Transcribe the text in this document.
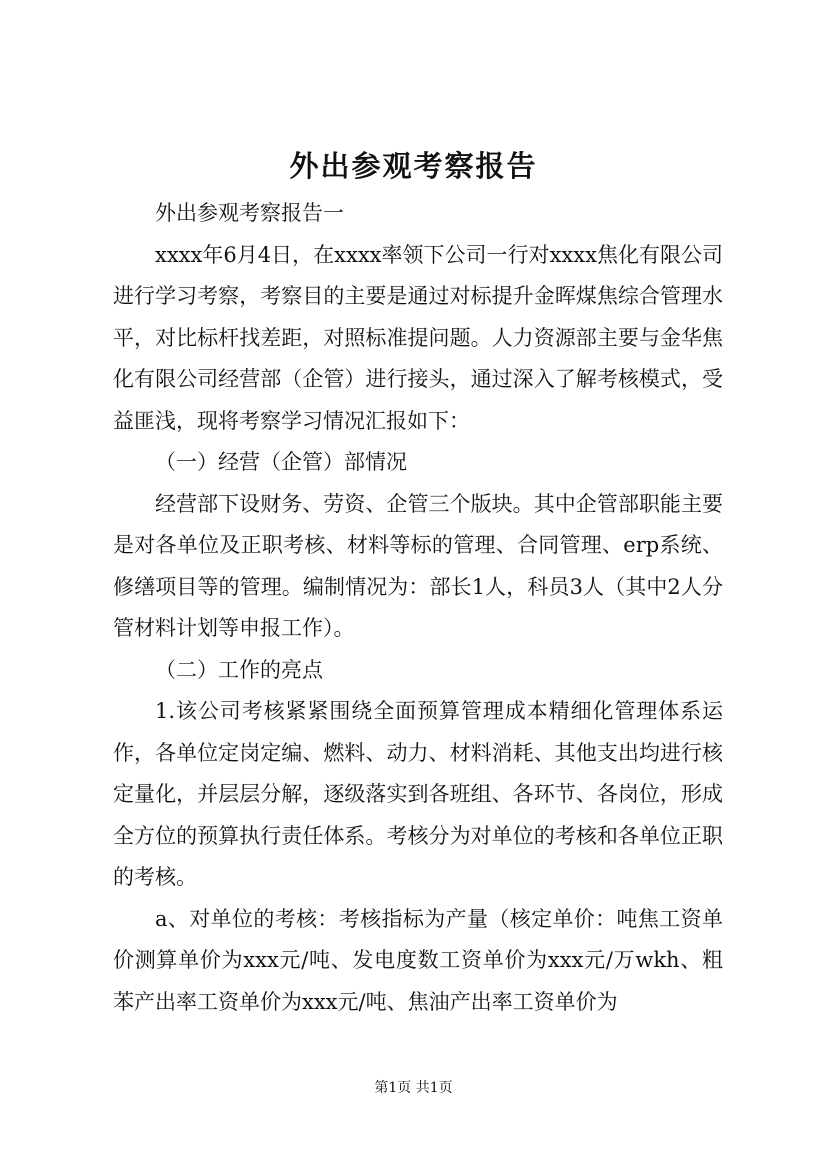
外出参观考察报告

外出参观考察报告一

xxxx年6月4日，在xxxx率领下公司一行对xxxx焦化有限公司进行学习考察，考察目的主要是通过对标提升金晖煤焦综合管理水平，对比标杆找差距，对照标准提问题。人力资源部主要与金华焦化有限公司经营部（企管）进行接头，通过深入了解考核模式，受益匪浅，现将考察学习情况汇报如下：

（一）经营（企管）部情况

经营部下设财务、劳资、企管三个版块。其中企管部职能主要是对各单位及正职考核、材料等标的管理、合同管理、erp系统、修缮项目等的管理。编制情况为：部长1人，科员3人（其中2人分管材料计划等申报工作）。

（二）工作的亮点

1.该公司考核紧紧围绕全面预算管理成本精细化管理体系运作，各单位定岗定编、燃料、动力、材料消耗、其他支出均进行核定量化，并层层分解，逐级落实到各班组、各环节、各岗位，形成全方位的预算执行责任体系。考核分为对单位的考核和各单位正职的考核。

a、对单位的考核：考核指标为产量（核定单价：吨焦工资单价测算单价为xxx元/吨、发电度数工资单价为xxx元/万wkh、粗苯产出率工资单价为xxx元/吨、焦油产出率工资单价为

第1页 共1页
